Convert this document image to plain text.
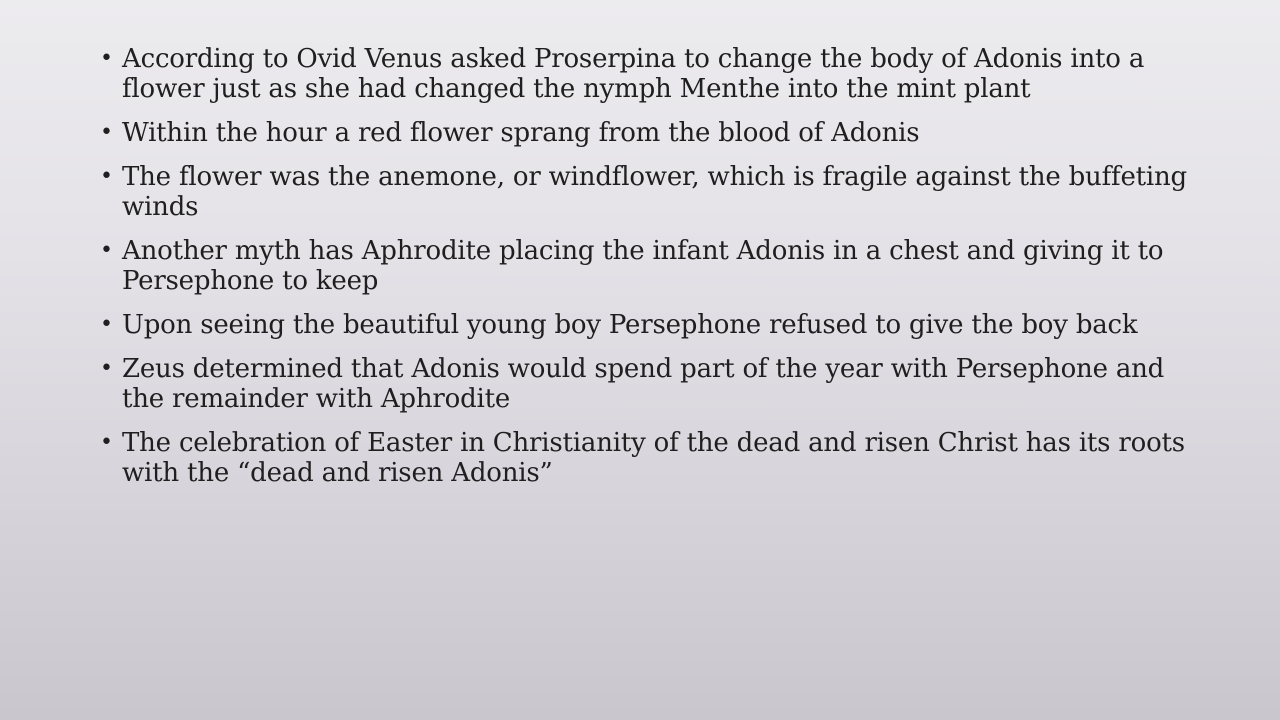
• According to Ovid Venus asked Proserpina to change the body of Adonis into a flower just as she had changed the nymph Menthe into the mint plant
• Within the hour a red flower sprang from the blood of Adonis
• The flower was the anemone, or windflower, which is fragile against the buffeting winds
• Another myth has Aphrodite placing the infant Adonis in a chest and giving it to Persephone to keep
• Upon seeing the beautiful young boy Persephone refused to give the boy back
• Zeus determined that Adonis would spend part of the year with Persephone and the remainder with Aphrodite
• The celebration of Easter in Christianity of the dead and risen Christ has its roots with the “dead and risen Adonis”
